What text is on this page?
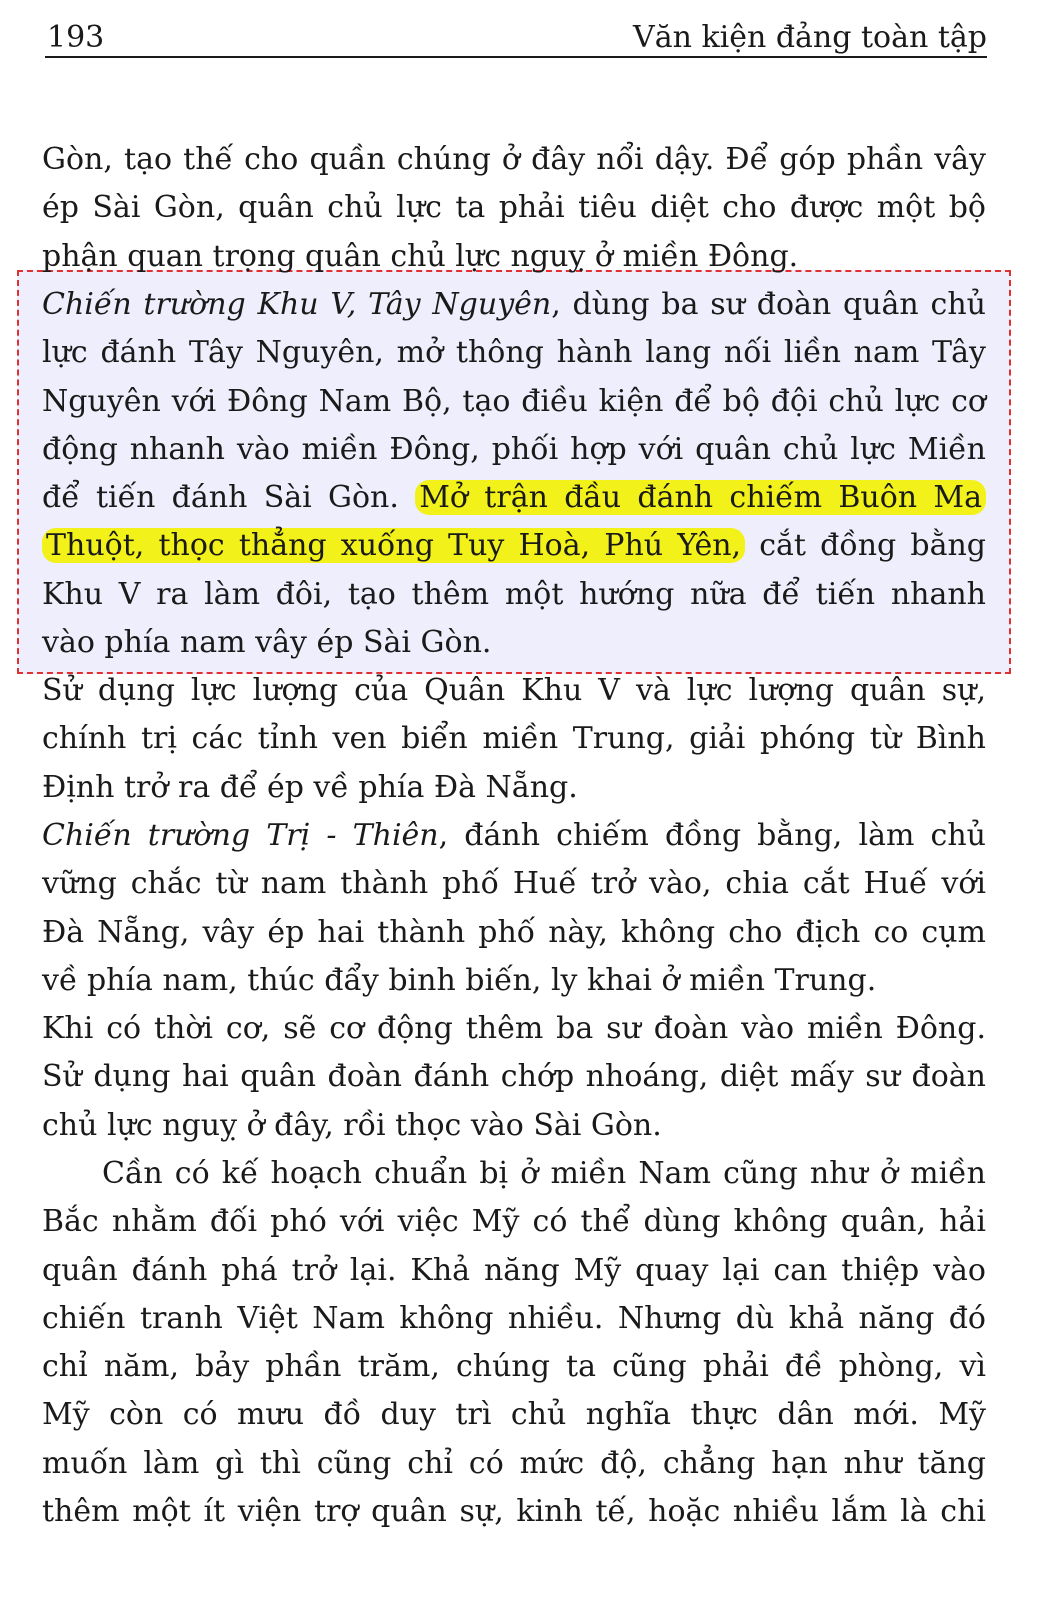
193	Văn kiện đảng toàn tập
Gòn, tạo thế cho quần chúng ở đây nổi dậy. Để góp phần vây
ép Sài Gòn, quân chủ lực ta phải tiêu diệt cho được một bộ
phận quan trọng quân chủ lực nguỵ ở miền Đông.
Chiến trường Khu V, Tây Nguyên, dùng ba sư đoàn quân chủ
lực đánh Tây Nguyên, mở thông hành lang nối liền nam Tây
Nguyên với Đông Nam Bộ, tạo điều kiện để bộ đội chủ lực cơ
động nhanh vào miền Đông, phối hợp với quân chủ lực Miền
để tiến đánh Sài Gòn. Mở trận đầu đánh chiếm Buôn Ma
Thuột, thọc thẳng xuống Tuy Hoà, Phú Yên, cắt đồng bằng
Khu V ra làm đôi, tạo thêm một hướng nữa để tiến nhanh
vào phía nam vây ép Sài Gòn.
Sử dụng lực lượng của Quân Khu V và lực lượng quân sự,
chính trị các tỉnh ven biển miền Trung, giải phóng từ Bình
Định trở ra để ép về phía Đà Nẵng.
Chiến trường Trị - Thiên, đánh chiếm đồng bằng, làm chủ
vững chắc từ nam thành phố Huế trở vào, chia cắt Huế với
Đà Nẵng, vây ép hai thành phố này, không cho địch co cụm
về phía nam, thúc đẩy binh biến, ly khai ở miền Trung.
Khi có thời cơ, sẽ cơ động thêm ba sư đoàn vào miền Đông.
Sử dụng hai quân đoàn đánh chớp nhoáng, diệt mấy sư đoàn
chủ lực nguỵ ở đây, rồi thọc vào Sài Gòn.
Cần có kế hoạch chuẩn bị ở miền Nam cũng như ở miền
Bắc nhằm đối phó với việc Mỹ có thể dùng không quân, hải
quân đánh phá trở lại. Khả năng Mỹ quay lại can thiệp vào
chiến tranh Việt Nam không nhiều. Nhưng dù khả năng đó
chỉ năm, bảy phần trăm, chúng ta cũng phải đề phòng, vì
Mỹ còn có mưu đồ duy trì chủ nghĩa thực dân mới. Mỹ
muốn làm gì thì cũng chỉ có mức độ, chẳng hạn như tăng
thêm một ít viện trợ quân sự, kinh tế, hoặc nhiều lắm là chi
